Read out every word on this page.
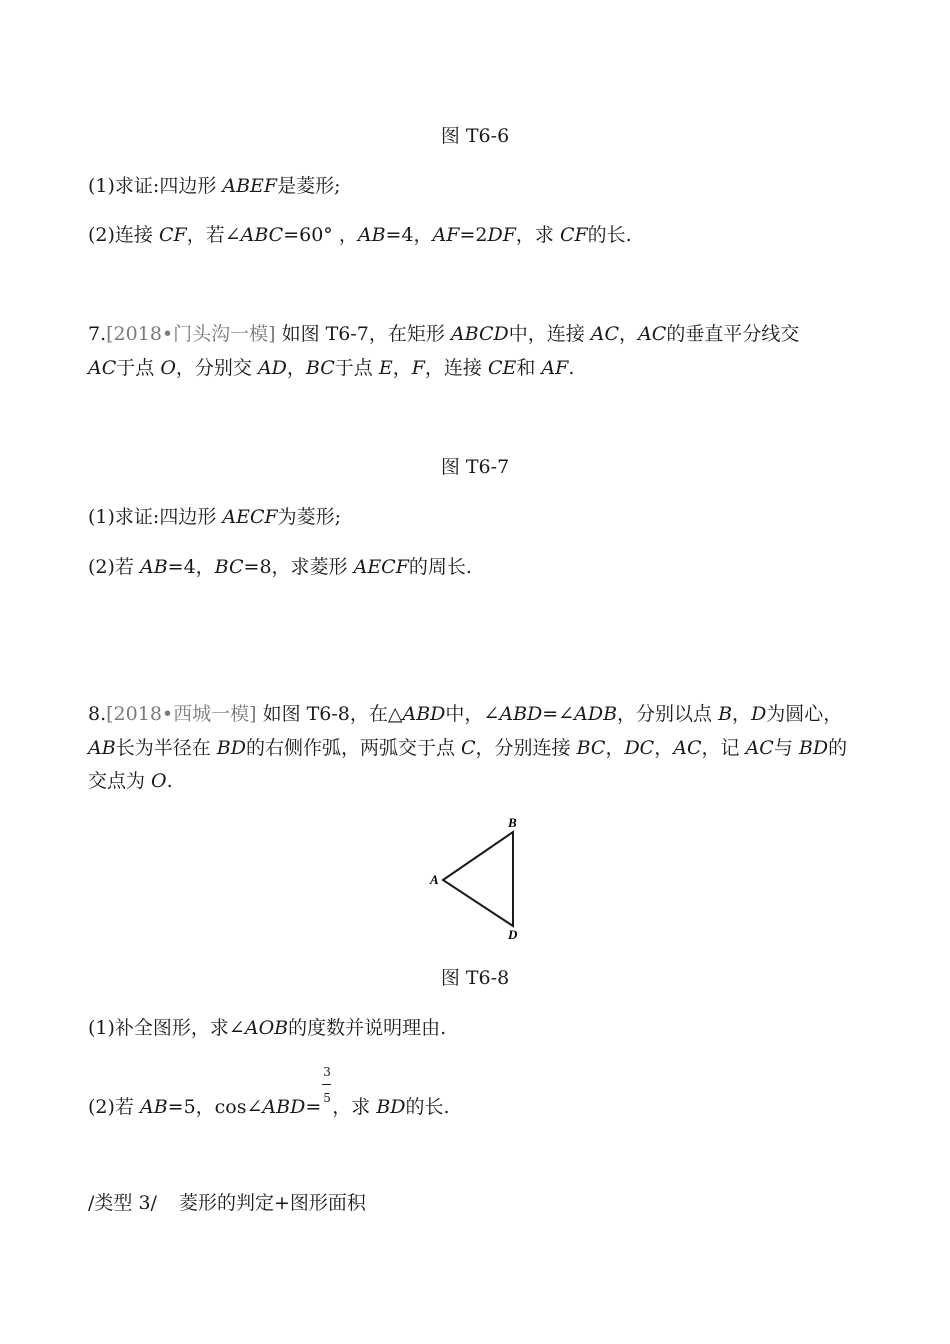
图 T6-6
(1)求证:四边形 ABEF是菱形;
(2)连接 CF，若∠ABC=60° ，AB=4，AF=2DF，求 CF的长.
7.[2018•门头沟一模] 如图 T6-7，在矩形 ABCD中，连接 AC，AC的垂直平分线交
AC于点 O，分别交 AD，BC于点 E，F，连接 CE和 AF.
图 T6-7
(1)求证:四边形 AECF为菱形;
(2)若 AB=4，BC=8，求菱形 AECF的周长.
8.[2018•西城一模] 如图 T6-8，在△ABD中，∠ABD=∠ADB，分别以点 B，D为圆心，
AB长为半径在 BD的右侧作弧，两弧交于点 C，分别连接 BC，DC，AC，记 AC与 BD的
交点为 O.
A
B
D
图 T6-8
(1)补全图形，求∠AOB的度数并说明理由.
(2)若 AB=5，cos∠ABD= $\frac{3}{5}$ ，求 BD的长.
/类型 3/ 菱形的判定+图形面积
